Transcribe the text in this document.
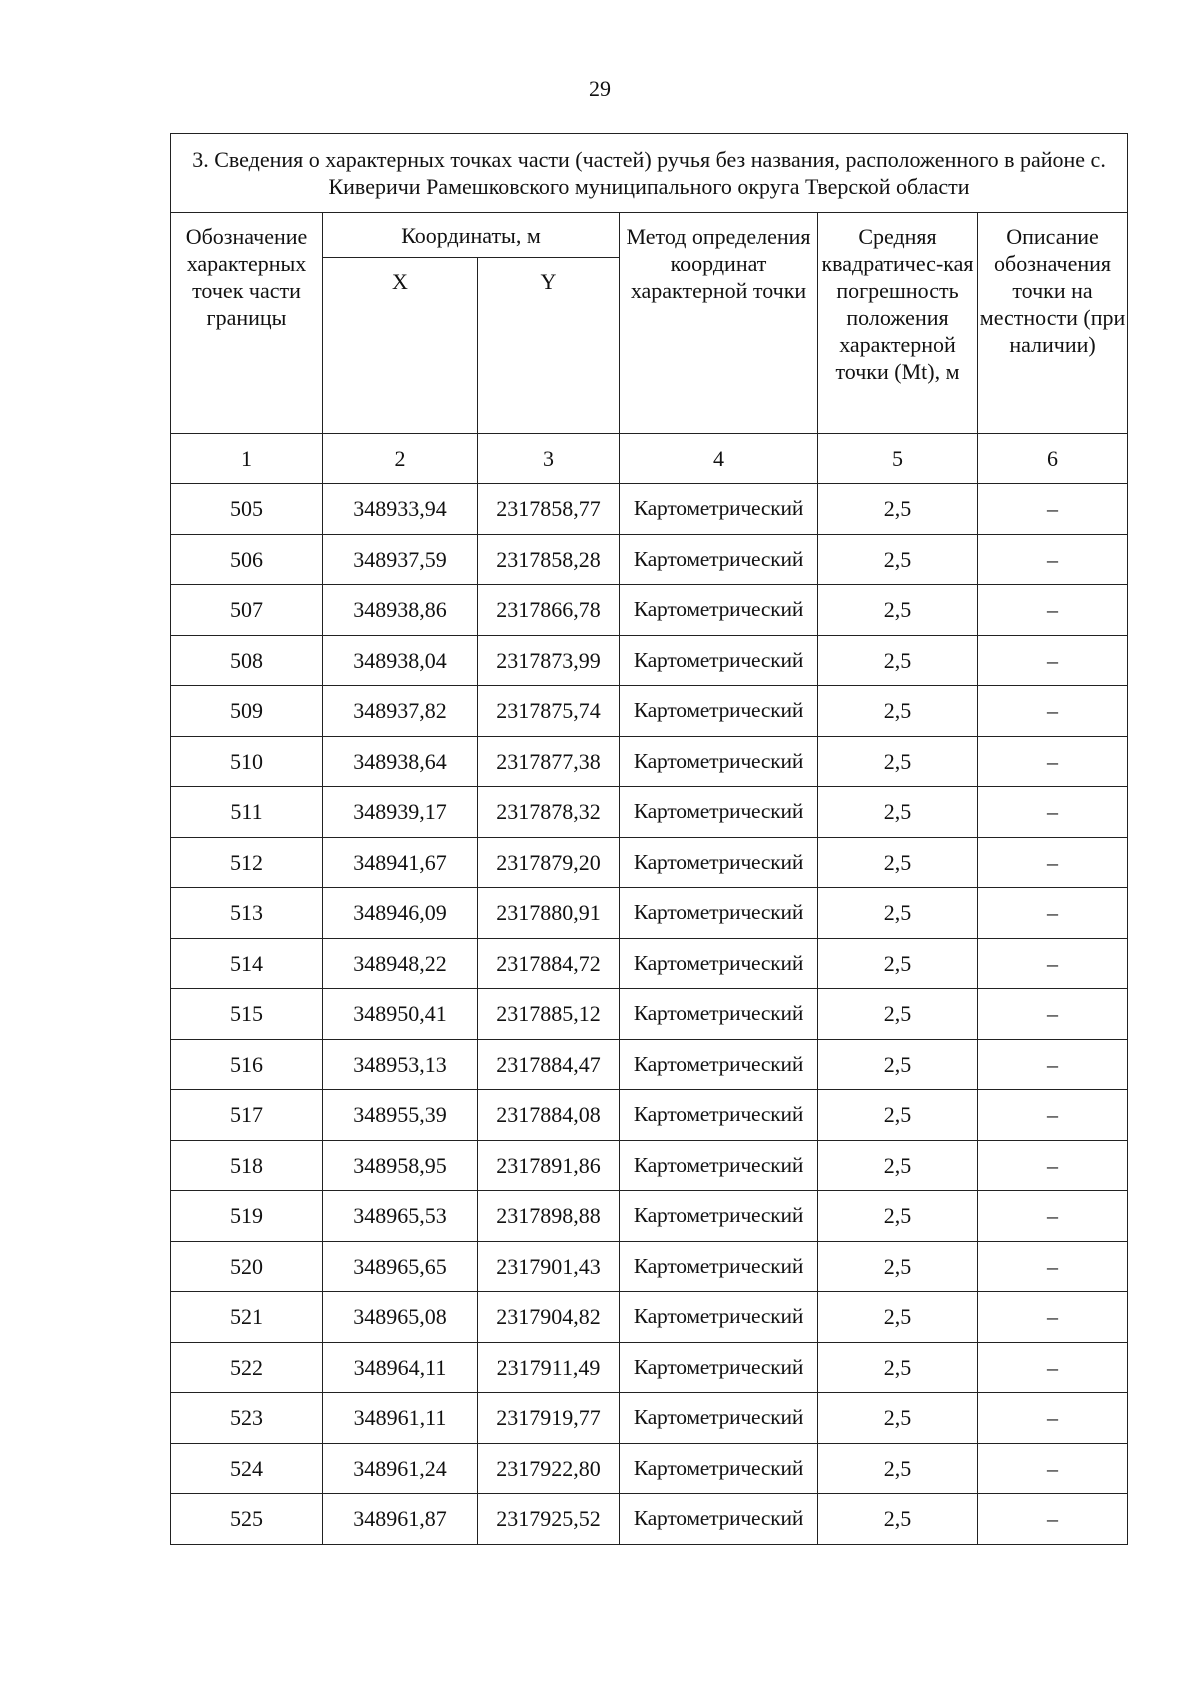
29
3. Сведения о характерных точках части (частей) ручья без названия, расположенного в районе с. Киверичи Рамешковского муниципального округа Тверской области					
Обозначение характерных точек части границы	Координаты, м		Метод определения координат характерной точки	Средняя квадратичес-кая погрешность положения характерной точки (Mt), м	Описание обозначения точки на местности (при наличии)
	X	Y			
1	2	3	4	5	6
505	348933,94	2317858,77	Картометрический	2,5	–
506	348937,59	2317858,28	Картометрический	2,5	–
507	348938,86	2317866,78	Картометрический	2,5	–
508	348938,04	2317873,99	Картометрический	2,5	–
509	348937,82	2317875,74	Картометрический	2,5	–
510	348938,64	2317877,38	Картометрический	2,5	–
511	348939,17	2317878,32	Картометрический	2,5	–
512	348941,67	2317879,20	Картометрический	2,5	–
513	348946,09	2317880,91	Картометрический	2,5	–
514	348948,22	2317884,72	Картометрический	2,5	–
515	348950,41	2317885,12	Картометрический	2,5	–
516	348953,13	2317884,47	Картометрический	2,5	–
517	348955,39	2317884,08	Картометрический	2,5	–
518	348958,95	2317891,86	Картометрический	2,5	–
519	348965,53	2317898,88	Картометрический	2,5	–
520	348965,65	2317901,43	Картометрический	2,5	–
521	348965,08	2317904,82	Картометрический	2,5	–
522	348964,11	2317911,49	Картометрический	2,5	–
523	348961,11	2317919,77	Картометрический	2,5	–
524	348961,24	2317922,80	Картометрический	2,5	–
525	348961,87	2317925,52	Картометрический	2,5	–
